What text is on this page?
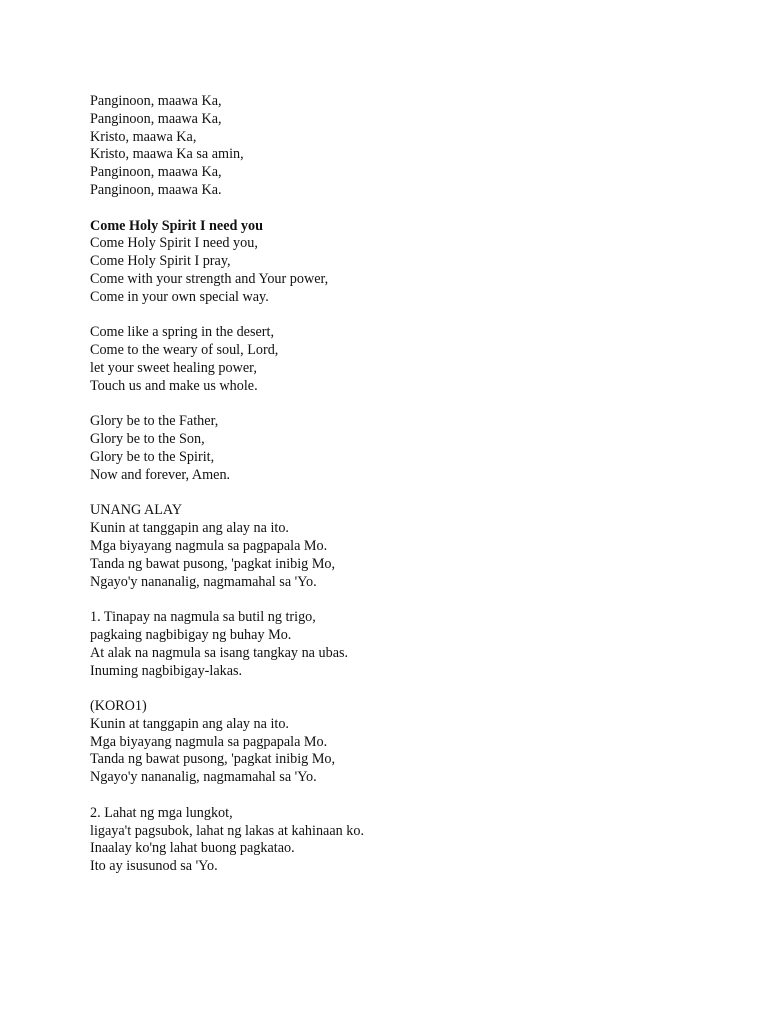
Panginoon, maawa Ka,
Panginoon, maawa Ka,
Kristo, maawa Ka,
Kristo, maawa Ka sa amin,
Panginoon, maawa Ka,
Panginoon, maawa Ka.
Come Holy Spirit I need you
Come Holy Spirit I need you,
Come Holy Spirit I pray,
Come with your strength and Your power,
Come in your own special way.
Come like a spring in the desert,
Come to the weary of soul, Lord,
let your sweet healing power,
Touch us and make us whole.
Glory be to the Father,
Glory be to the Son,
Glory be to the Spirit,
Now and forever, Amen.
UNANG ALAY
Kunin at tanggapin ang alay na ito.
Mga biyayang nagmula sa pagpapala Mo.
Tanda ng bawat pusong, 'pagkat inibig Mo,
Ngayo'y nananalig, nagmamahal sa 'Yo.
1. Tinapay na nagmula sa butil ng trigo,
pagkaing nagbibigay ng buhay Mo.
At alak na nagmula sa isang tangkay na ubas.
Inuming nagbibigay-lakas.
(KORO1)
Kunin at tanggapin ang alay na ito.
Mga biyayang nagmula sa pagpapala Mo.
Tanda ng bawat pusong, 'pagkat inibig Mo,
Ngayo'y nananalig, nagmamahal sa 'Yo.
2. Lahat ng mga lungkot,
ligaya't pagsubok, lahat ng lakas at kahinaan ko.
Inaalay ko'ng lahat buong pagkatao.
Ito ay isusunod sa 'Yo.
